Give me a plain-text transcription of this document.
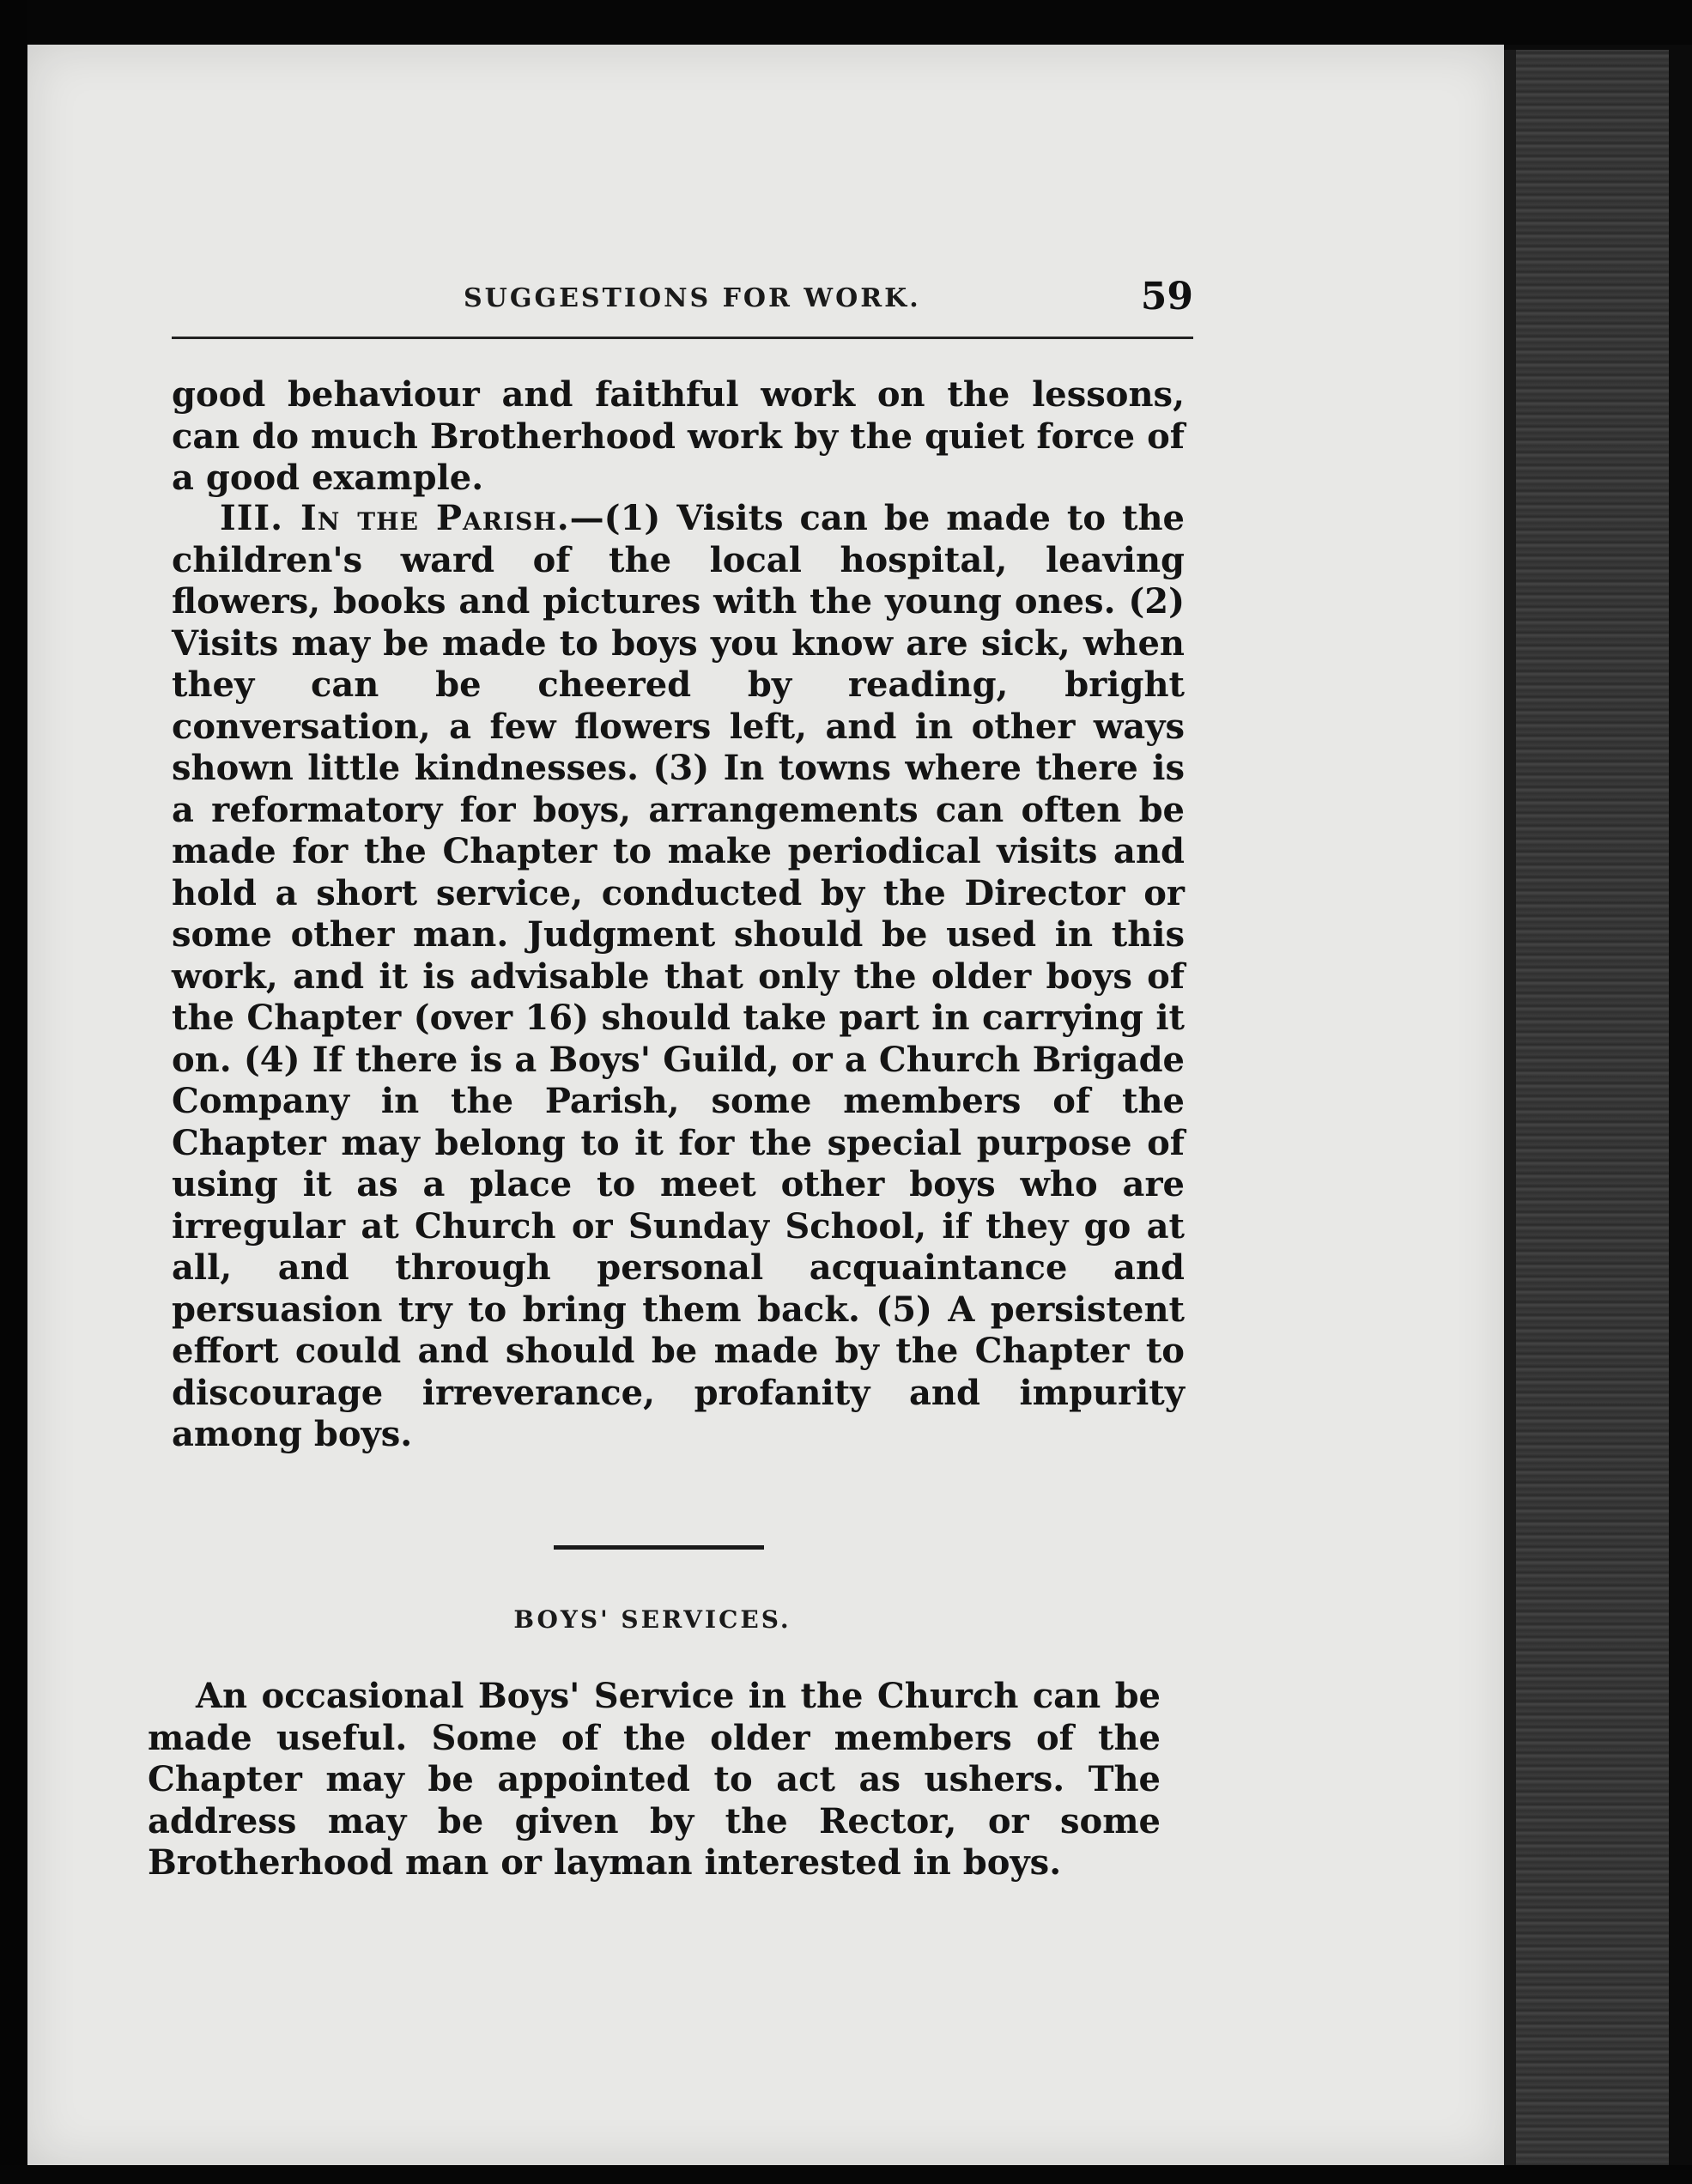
SUGGESTIONS FOR WORK.	59

good behaviour and faithful work on the lessons, can do much Brotherhood work by the quiet force of a good example.

III. In the Parish.—(1) Visits can be made to the children's ward of the local hospital, leaving flowers, books and pictures with the young ones. (2) Visits may be made to boys you know are sick, when they can be cheered by reading, bright conversation, a few flowers left, and in other ways shown little kindnesses. (3) In towns where there is a reformatory for boys, arrangements can often be made for the Chapter to make periodical visits and hold a short service, conducted by the Director or some other man. Judgment should be used in this work, and it is advisable that only the older boys of the Chapter (over 16) should take part in carrying it on. (4) If there is a Boys' Guild, or a Church Brigade Company in the Parish, some members of the Chapter may belong to it for the special purpose of using it as a place to meet other boys who are irregular at Church or Sunday School, if they go at all, and through personal acquaintance and persuasion try to bring them back. (5) A persistent effort could and should be made by the Chapter to discourage irreverance, profanity and impurity among boys.

BOYS' SERVICES.

An occasional Boys' Service in the Church can be made useful. Some of the older members of the Chapter may be appointed to act as ushers. The address may be given by the Rector, or some Brotherhood man or layman interested in boys.
